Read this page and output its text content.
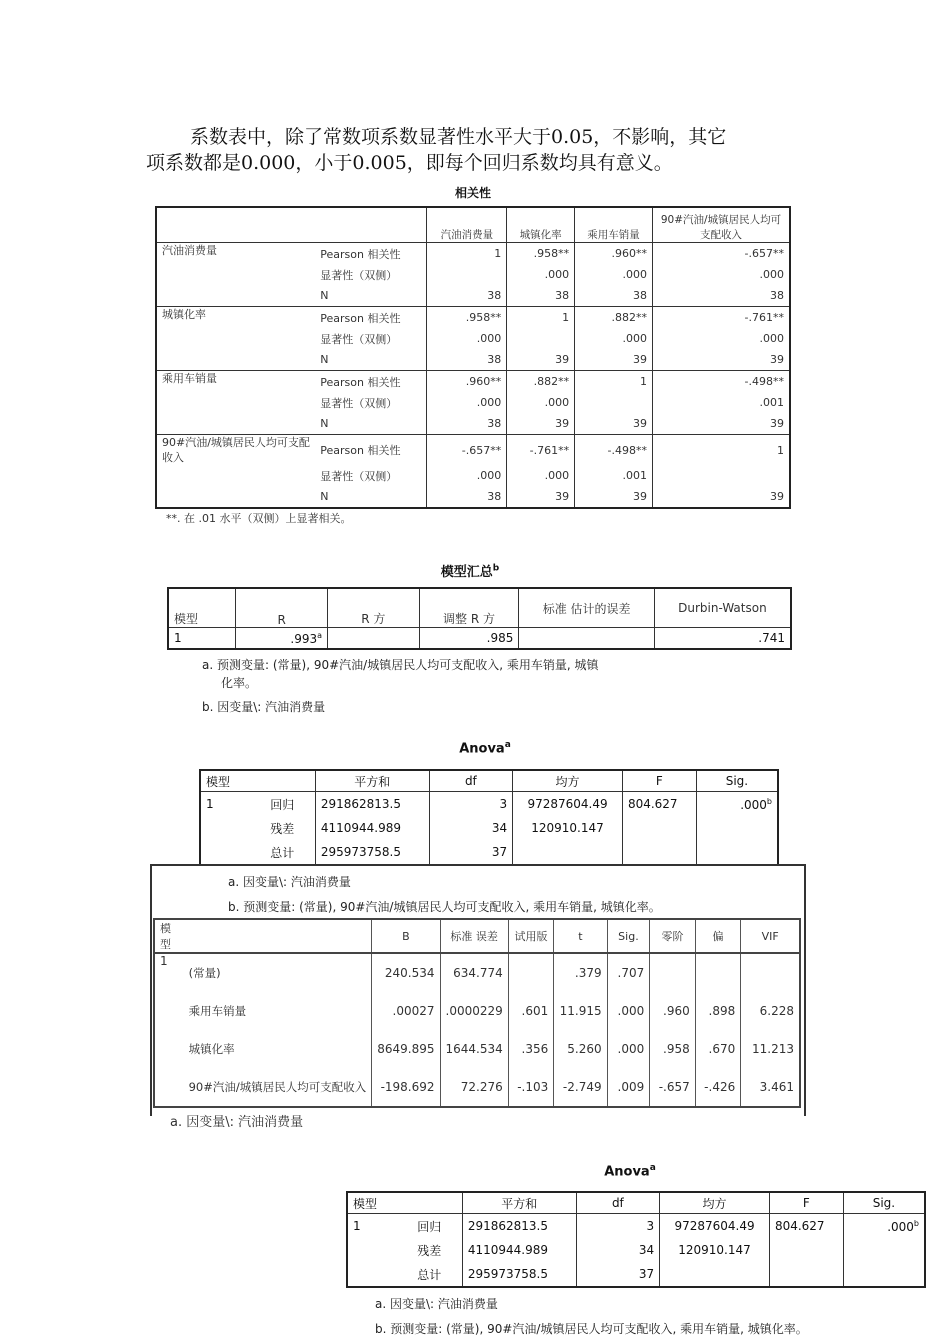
系数表中，除了常数项系数显著性水平大于0.05，不影响，其它
项系数都是0.000，小于0.005，即每个回归系数均具有意义。
相关性
		汽油消费量	城镇化率	乘用车销量	90#汽油/城镇居民人均可支配收入
汽油消费量	Pearson 相关性	1	.958**	.960**	-.657**
	显著性（双侧）		.000	.000	.000
	N	38	38	38	38
城镇化率	Pearson 相关性	.958**	1	.882**	-.761**
	显著性（双侧）	.000		.000	.000
	N	38	39	39	39
乘用车销量	Pearson 相关性	.960**	.882**	1	-.498**
	显著性（双侧）	.000	.000		.001
	N	38	39	39	39
90#汽油/城镇居民人均可支配收入	Pearson 相关性	-.657**	-.761**	-.498**	1
	显著性（双侧）	.000	.000	.001	
	N	38	39	39	39
**. 在 .01 水平（双侧）上显著相关。
模型汇总$^b$
模型	R	R 方	调整 R 方	标准 估计的误差	Durbin-Watson
1	.993$^a$		.985		.741
a. 预测变量: (常量), 90#汽油/城镇居民人均可支配收入, 乘用车销量, 城镇
化率。
b. 因变量\: 汽油消费量
Anova$^a$
模型		平方和	df	均方	F	Sig.
1	回归	291862813.5	3	97287604.49	804.627	.000$^b$
	残差	4110944.989	34	120910.147		
	总计	295973758.5	37			
a. 因变量\: 汽油消费量
b. 预测变量: (常量), 90#汽油/城镇居民人均可支配收入, 乘用车销量, 城镇化率。
模型		B	标准 误差	试用版	t	Sig.	零阶	偏	VIF
1	(常量)	240.534	634.774		.379	.707			
	乘用车销量	.00027	.0000229	.601	11.915	.000	.960	.898	6.228
	城镇化率	8649.895	1644.534	.356	5.260	.000	.958	.670	11.213
	90#汽油/城镇居民人均可支配收入	-198.692	72.276	-.103	-2.749	.009	-.657	-.426	3.461
a. 因变量\: 汽油消费量
Anova$^a$
模型		平方和	df	均方	F	Sig.
1	回归	291862813.5	3	97287604.49	804.627	.000$^b$
	残差	4110944.989	34	120910.147		
	总计	295973758.5	37			
a. 因变量\: 汽油消费量
b. 预测变量: (常量), 90#汽油/城镇居民人均可支配收入, 乘用车销量, 城镇化率。
